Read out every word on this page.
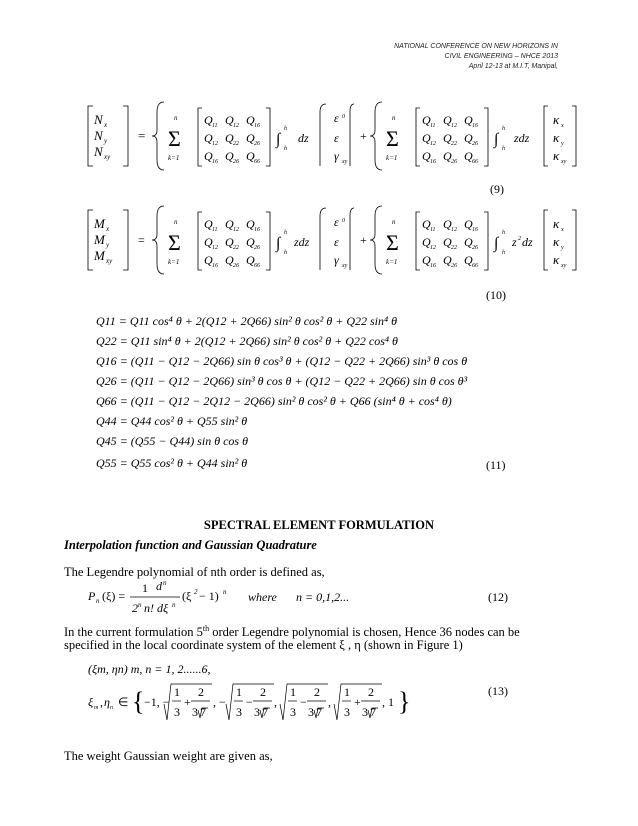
NATIONAL CONFERENCE ON NEW HORIZONS IN
CIVIL ENGINEERING – NHCE 2013
April 12-13 at M.I.T, Manipal,
N x
N y
N xy
=
n
Σ
k=1
Q 11 Q 12 Q 16
Q 12 Q 22 Q 26
Q 16 Q 26 Q 66
∫
h
h
dz
ε 0
ε
γ xy
+
n
Σ
k=1
Q 11 Q 12 Q 16
Q 12 Q 22 Q 26
Q 16 Q 26 Q 66
∫
h
h
zdz
κ x
κ y
κ xy
(9)
M x
M y
M xy
=
n
Σ
k=1
Q 11 Q 12 Q 16
Q 12 Q 22 Q 26
Q 16 Q 26 Q 66
∫
h
h
zdz
ε 0
ε
γ xy
+
n
Σ
k=1
Q 11 Q 12 Q 16
Q 12 Q 22 Q 26
Q 16 Q 26 Q 66
∫
h
h
z 2 dz
κ x
κ y
κ xy
(10)
Q11 = Q11 cos⁴ θ + 2(Q12 + 2Q66) sin² θ cos² θ + Q22 sin⁴ θ
Q22 = Q11 sin⁴ θ + 2(Q12 + 2Q66) sin² θ cos² θ + Q22 cos⁴ θ
Q16 = (Q11 − Q12 − 2Q66) sin θ cos³ θ + (Q12 − Q22 + 2Q66) sin³ θ cos θ
Q26 = (Q11 − Q12 − 2Q66) sin³ θ cos θ + (Q12 − Q22 + 2Q66) sin θ cos θ³
Q66 = (Q11 − Q12 − 2Q12 − 2Q66) sin² θ cos² θ + Q66 (sin⁴ θ + cos⁴ θ)
Q44 = Q44 cos² θ + Q55 sin² θ
Q45 = (Q55 − Q44) sin θ cos θ
Q55 = Q55 cos² θ + Q44 sin² θ	(11)
SPECTRAL ELEMENT FORMULATION
Interpolation function and Gaussian Quadrature
The Legendre polynomial of nth order is defined as,
P n (ξ) =
1
2 n n! dξ n
d n
(ξ 2 − 1) n where n = 0,1,2...	(12)
In the current formulation 5th order Legendre polynomial is chosen, Hence 36 nodes can be
specified in the local coordinate system of the element ξ , η (shown in Figure 1)
(ξm, ηn) m, n = 1, 2......6,
ξ m , η n ∈ { −1, −
1
3
+
2
3 7
, −
1
3
−
2
3 7
,
1
3
−
2
3 7
,
1
3
+
2
3 7
, 1 }	(13)
The weight Gaussian weight are given as,
